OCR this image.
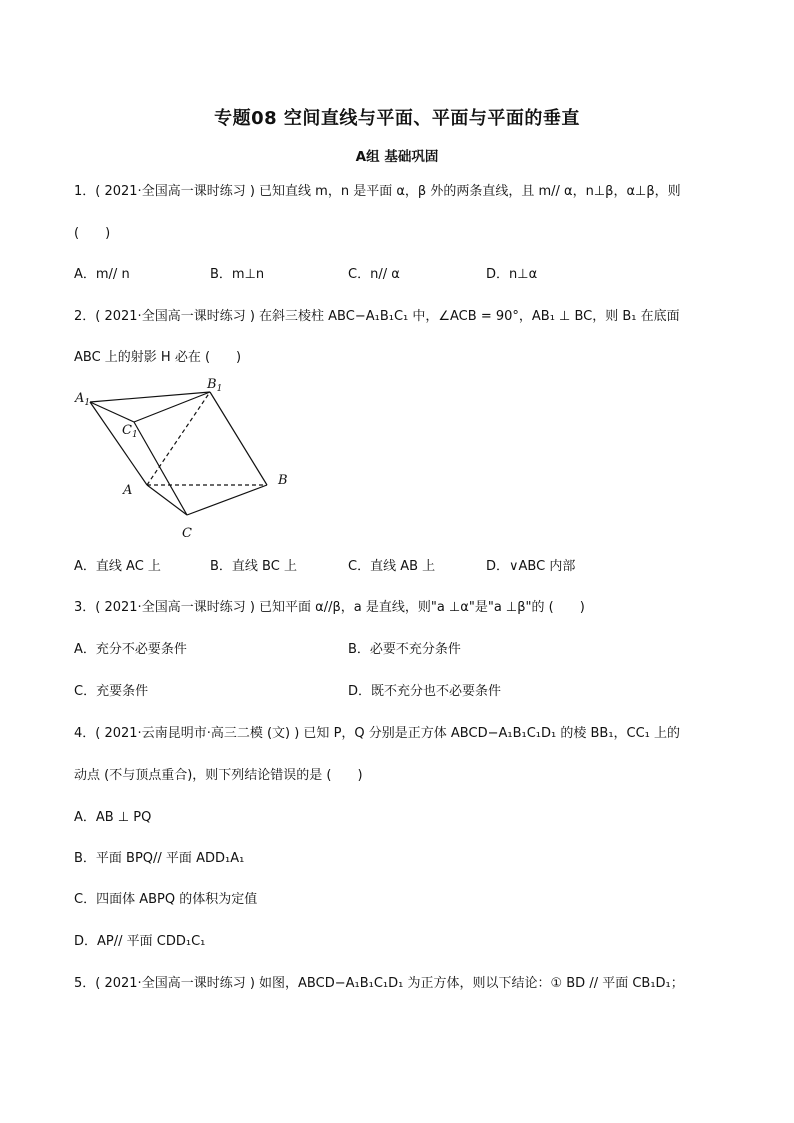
专题08 空间直线与平面、平面与平面的垂直
A组 基础巩固
1．( 2021·全国高一课时练习 ) 已知直线 m，n 是平面 α，β 外的两条直线，且 m// α，n⊥β，α⊥β，则
(　　)
A．m// n	B．m⊥n	C．n// α	D．n⊥α
2．( 2021·全国高一课时练习 ) 在斜三棱柱 ABC−A₁B₁C₁ 中，∠ACB = 90°，AB₁ ⊥ BC，则 B₁ 在底面
ABC 上的射影 H 必在 (　　)
$A_1$
$B_1$
$C_1$
A
B
C
A．直线 AC 上	B．直线 BC 上	C．直线 AB 上	D．∨ABC 内部
3．( 2021·全国高一课时练习 ) 已知平面 α//β，a 是直线，则"a ⊥α"是"a ⊥β"的 (　　)
A．充分不必要条件	B．必要不充分条件
C．充要条件	D．既不充分也不必要条件
4．( 2021·云南昆明市·高三二模 (文) ) 已知 P，Q 分别是正方体 ABCD−A₁B₁C₁D₁ 的棱 BB₁，CC₁ 上的
动点 (不与顶点重合)，则下列结论错误的是 (　　)
A．AB ⊥ PQ
B．平面 BPQ// 平面 ADD₁A₁
C．四面体 ABPQ 的体积为定值
D．AP// 平面 CDD₁C₁
5．( 2021·全国高一课时练习 ) 如图，ABCD−A₁B₁C₁D₁ 为正方体，则以下结论：① BD // 平面 CB₁D₁；
